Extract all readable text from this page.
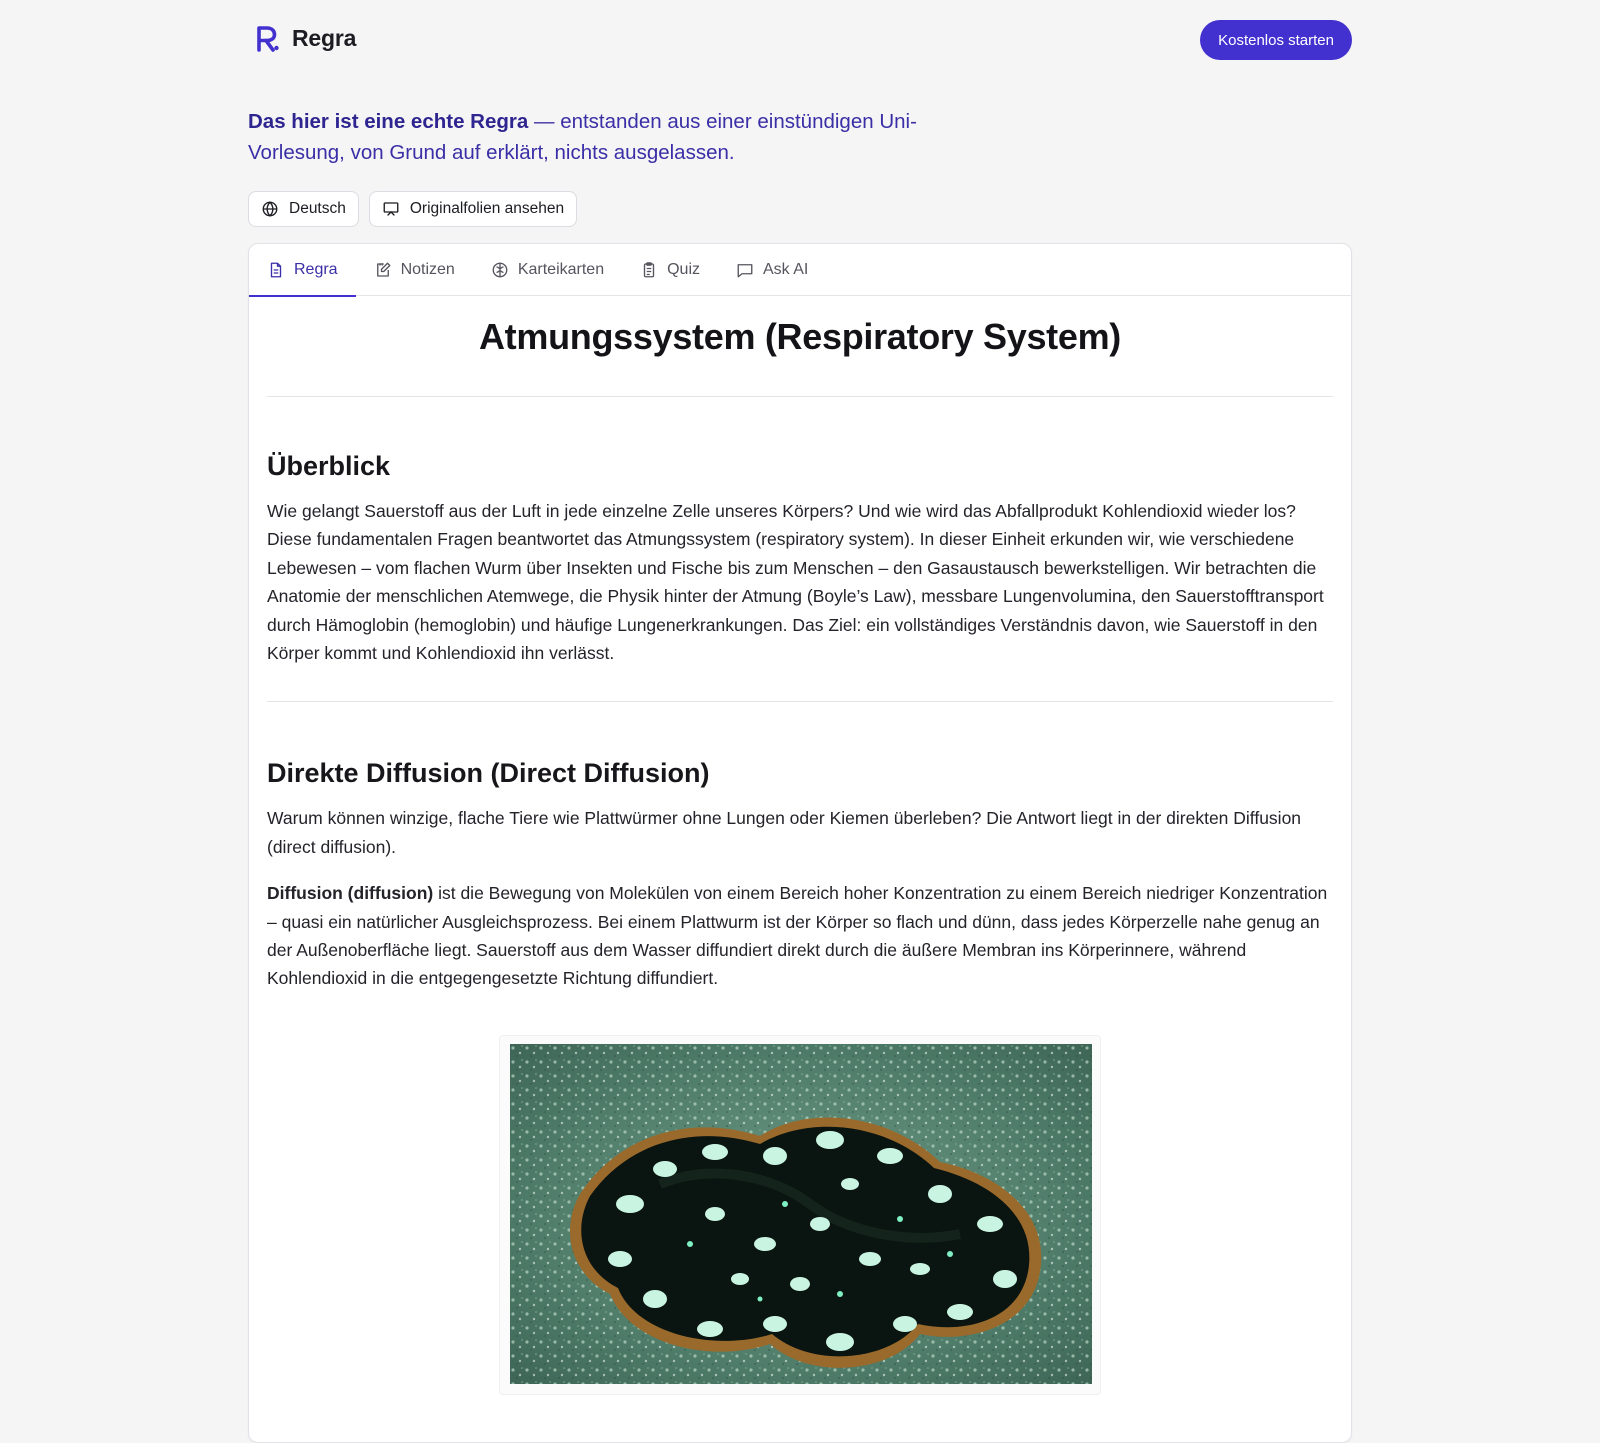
Regra	Kostenlos starten
Das hier ist eine echte Regra — entstanden aus einer einstündigen Uni-Vorlesung, von Grund auf erklärt, nichts ausgelassen.
Deutsch	Originalfolien ansehen
Regra	Notizen	Karteikarten	Quiz	Ask AI
Atmungssystem (Respiratory System)
Überblick

Wie gelangt Sauerstoff aus der Luft in jede einzelne Zelle unseres Körpers? Und wie wird das Abfallprodukt Kohlendioxid wieder los? Diese fundamentalen Fragen beantwortet das Atmungssystem (respiratory system). In dieser Einheit erkunden wir, wie verschiedene Lebewesen – vom flachen Wurm über Insekten und Fische bis zum Menschen – den Gasaustausch bewerkstelligen. Wir betrachten die Anatomie der menschlichen Atemwege, die Physik hinter der Atmung (Boyle’s Law), messbare Lungenvolumina, den Sauerstofftransport durch Hämoglobin (hemoglobin) und häufige Lungenerkrankungen. Das Ziel: ein vollständiges Verständnis davon, wie Sauerstoff in den Körper kommt und Kohlendioxid ihn verlässt.

Direkte Diffusion (Direct Diffusion)

Warum können winzige, flache Tiere wie Plattwürmer ohne Lungen oder Kiemen überleben? Die Antwort liegt in der direkten Diffusion (direct diffusion).

Diffusion (diffusion) ist die Bewegung von Molekülen von einem Bereich hoher Konzentration zu einem Bereich niedriger Konzentration – quasi ein natürlicher Ausgleichsprozess. Bei einem Plattwurm ist der Körper so flach und dünn, dass jedes Körperzelle nahe genug an der Außenoberfläche liegt. Sauerstoff aus dem Wasser diffundiert direkt durch die äußere Membran ins Körperinnere, während Kohlendioxid in die entgegengesetzte Richtung diffundiert.
